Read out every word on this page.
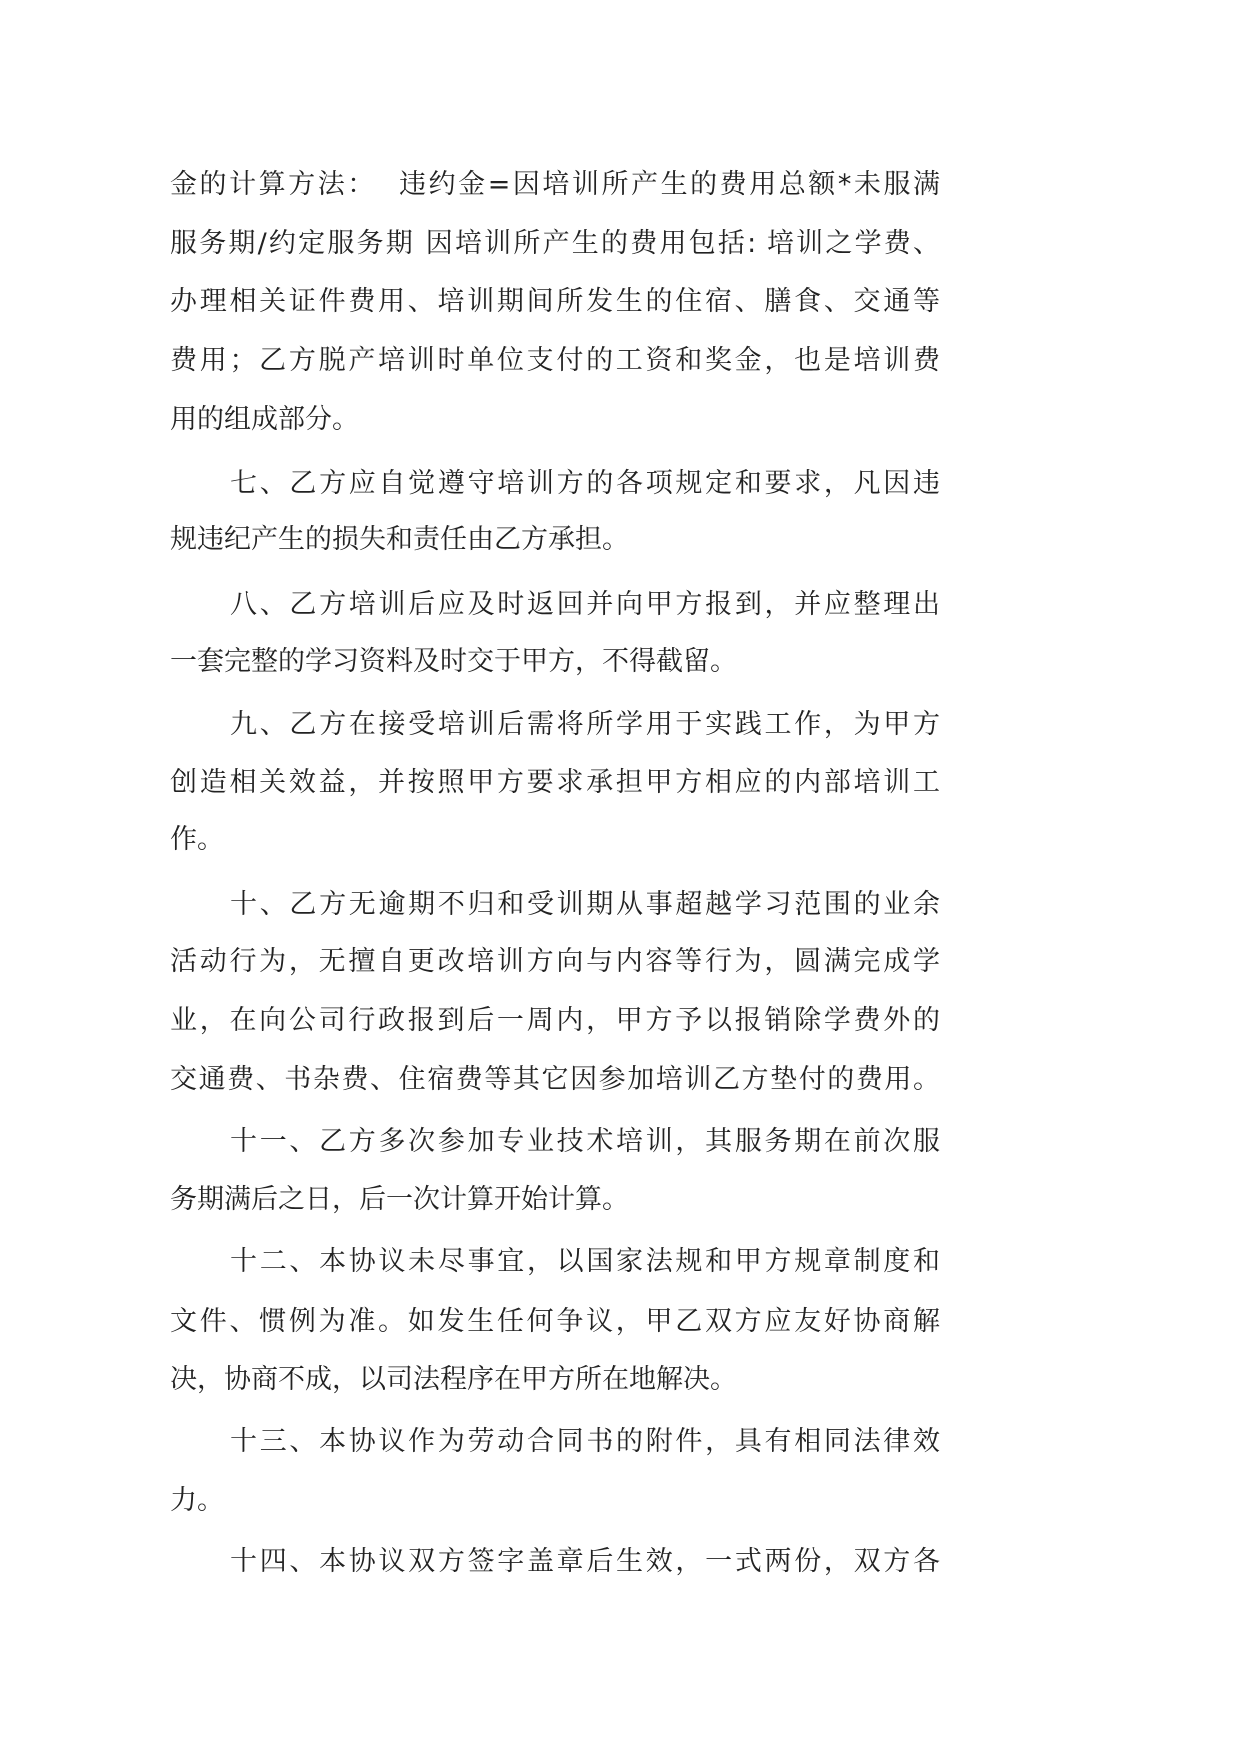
金的计算方法：  违约金=因培训所产生的费用总额*未服满
服务期/约定服务期 因培训所产生的费用包括: 培训之学费、
办理相关证件费用、培训期间所发生的住宿、膳食、交通等
费用；乙方脱产培训时单位支付的工资和奖金，也是培训费
用的组成部分。
七、乙方应自觉遵守培训方的各项规定和要求，凡因违
规违纪产生的损失和责任由乙方承担。
八、乙方培训后应及时返回并向甲方报到，并应整理出
一套完整的学习资料及时交于甲方，不得截留。
九、乙方在接受培训后需将所学用于实践工作，为甲方
创造相关效益，并按照甲方要求承担甲方相应的内部培训工
作。
十、乙方无逾期不归和受训期从事超越学习范围的业余
活动行为，无擅自更改培训方向与内容等行为，圆满完成学
业，在向公司行政报到后一周内，甲方予以报销除学费外的
交通费、书杂费、住宿费等其它因参加培训乙方垫付的费用。
十一、乙方多次参加专业技术培训，其服务期在前次服
务期满后之日，后一次计算开始计算。
十二、本协议未尽事宜，以国家法规和甲方规章制度和
文件、惯例为准。如发生任何争议，甲乙双方应友好协商解
决，协商不成，以司法程序在甲方所在地解决。
十三、本协议作为劳动合同书的附件，具有相同法律效
力。
十四、本协议双方签字盖章后生效，一式两份，双方各
